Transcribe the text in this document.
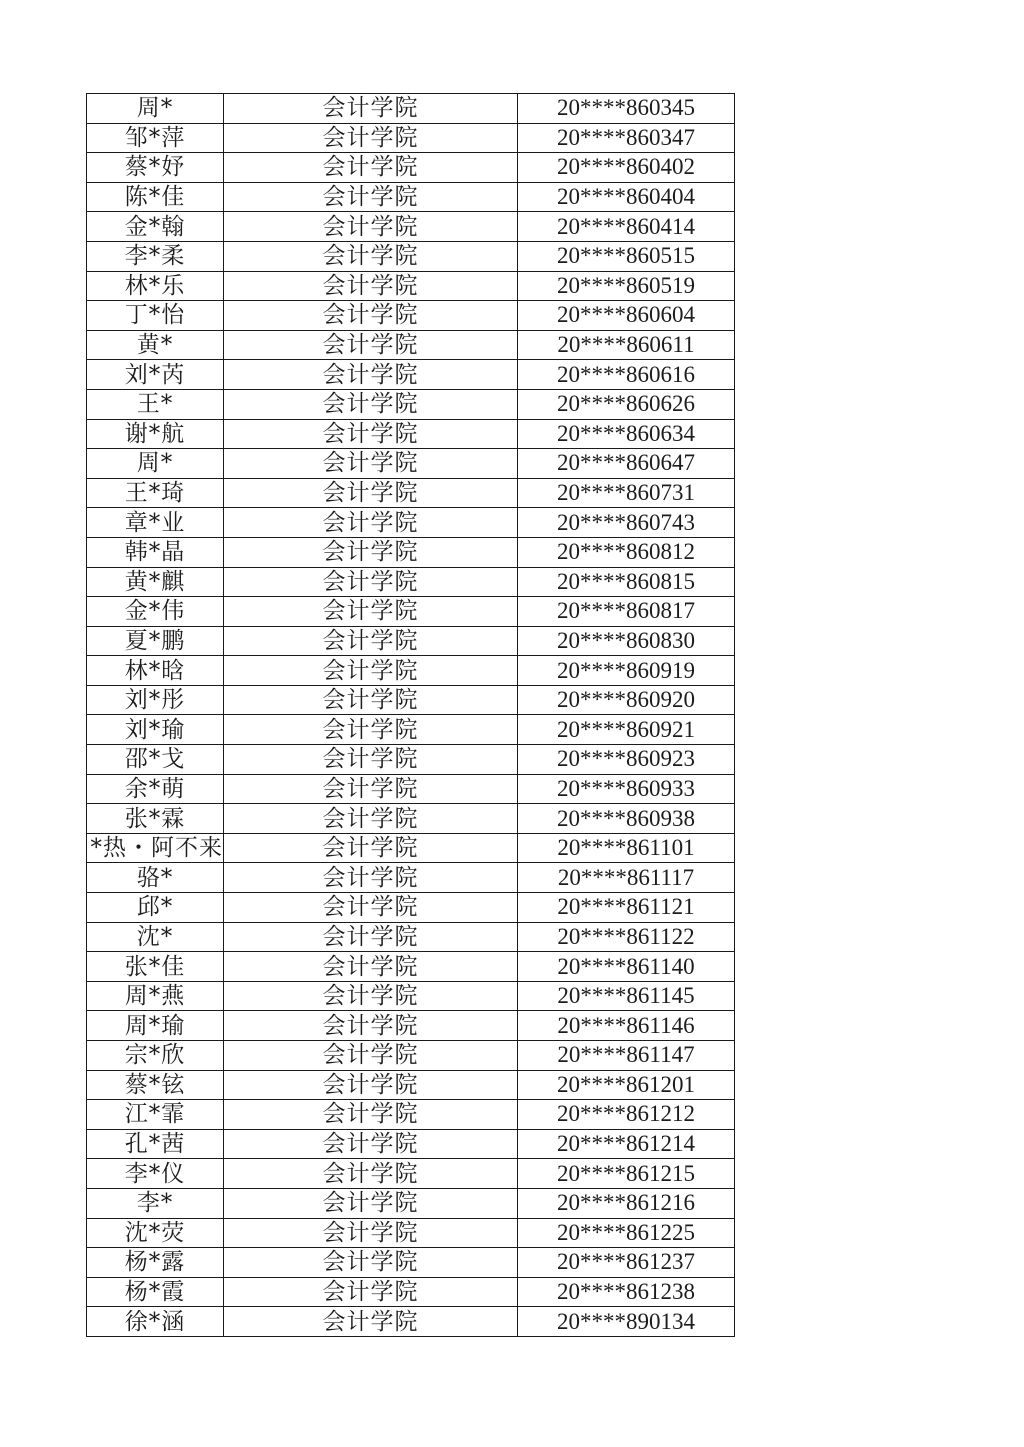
周*	会计学院	20****860345
邹*萍	会计学院	20****860347
蔡*妤	会计学院	20****860402
陈*佳	会计学院	20****860404
金*翰	会计学院	20****860414
李*柔	会计学院	20****860515
林*乐	会计学院	20****860519
丁*怡	会计学院	20****860604
黄*	会计学院	20****860611
刘*芮	会计学院	20****860616
王*	会计学院	20****860626
谢*航	会计学院	20****860634
周*	会计学院	20****860647
王*琦	会计学院	20****860731
章*业	会计学院	20****860743
韩*晶	会计学院	20****860812
黄*麒	会计学院	20****860815
金*伟	会计学院	20****860817
夏*鹏	会计学院	20****860830
林*晗	会计学院	20****860919
刘*彤	会计学院	20****860920
刘*瑜	会计学院	20****860921
邵*戈	会计学院	20****860923
余*萌	会计学院	20****860933
张*霖	会计学院	20****860938
*热・阿不来	会计学院	20****861101
骆*	会计学院	20****861117
邱*	会计学院	20****861121
沈*	会计学院	20****861122
张*佳	会计学院	20****861140
周*燕	会计学院	20****861145
周*瑜	会计学院	20****861146
宗*欣	会计学院	20****861147
蔡*铉	会计学院	20****861201
江*霏	会计学院	20****861212
孔*茜	会计学院	20****861214
李*仪	会计学院	20****861215
李*	会计学院	20****861216
沈*荧	会计学院	20****861225
杨*露	会计学院	20****861237
杨*霞	会计学院	20****861238
徐*涵	会计学院	20****890134
